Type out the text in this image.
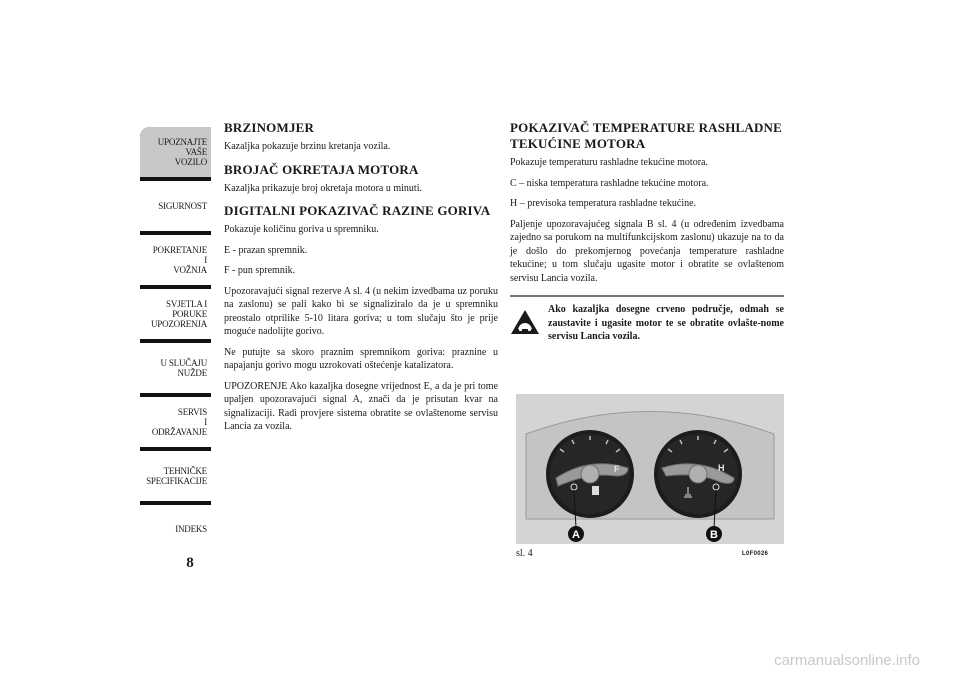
UPOZNAJTE
VAŠE
VOZILO
SIGURNOST
POKRETANJE
I
VOŽNJA
SVJETLA I
PORUKE
UPOZORENJA
U SLUČAJU
NUŽDE
SERVIS
I
ODRŽAVANJE
TEHNIČKE
SPECIFIKACIJE
INDEKS
8
BRZINOMJER

Kazaljka pokazuje brzinu kretanja vozila.

BROJAČ OKRETAJA MOTORA

Kazaljka prikazuje broj okretaja motora u minuti.

DIGITALNI POKAZIVAČ RAZINE GORIVA

Pokazuje količinu goriva u spremniku.

E - prazan spremnik.

F - pun spremnik.

Upozoravajući signal rezerve A sl. 4 (u nekim izvedbama uz poruku na zaslonu) se pali kako bi se signaliziralo da je u spremniku preostalo otprilike 5-10 litara goriva; u tom slučaju što je prije moguće nadolijte gorivo.

Ne putujte sa skoro praznim spremnikom goriva: praznine u napajanju gorivo mogu uzrokovati oštećenje katalizatora.

UPOZORENJE Ako kazaljka dosegne vrijednost E, a da je pri tome upaljen upozoravajući signal A, znači da je prisutan kvar na signalizaciji. Radi provjere sistema obratite se ovlaštenome servisu Lancia za vozila.

POKAZIVAČ TEMPERATURE RASHLADNE TEKUĆINE MOTORA

Pokazuje temperaturu rashladne tekućine motora.

C – niska temperatura rashladne tekućine motora.

H – previsoka temperatura rashladne tekućine.

Paljenje upozoravajućeg signala B sl. 4 (u određenim izvedbama zajedno sa porukom na multifunkcijskom zaslonu) ukazuje na to da je došlo do prekomjernog povećanja temperature rashladne tekućine; u tom slučaju ugasite motor i obratite se ovlaštenom servisu Lancia vozila.

Ako kazaljka dosegne crveno područje, odmah se zaustavite i ugasite motor te se obratite ovlašte-nome servisu Lancia vozila.

F	H
A	B
sl. 4	L0F0026
carmanualsonline.info
